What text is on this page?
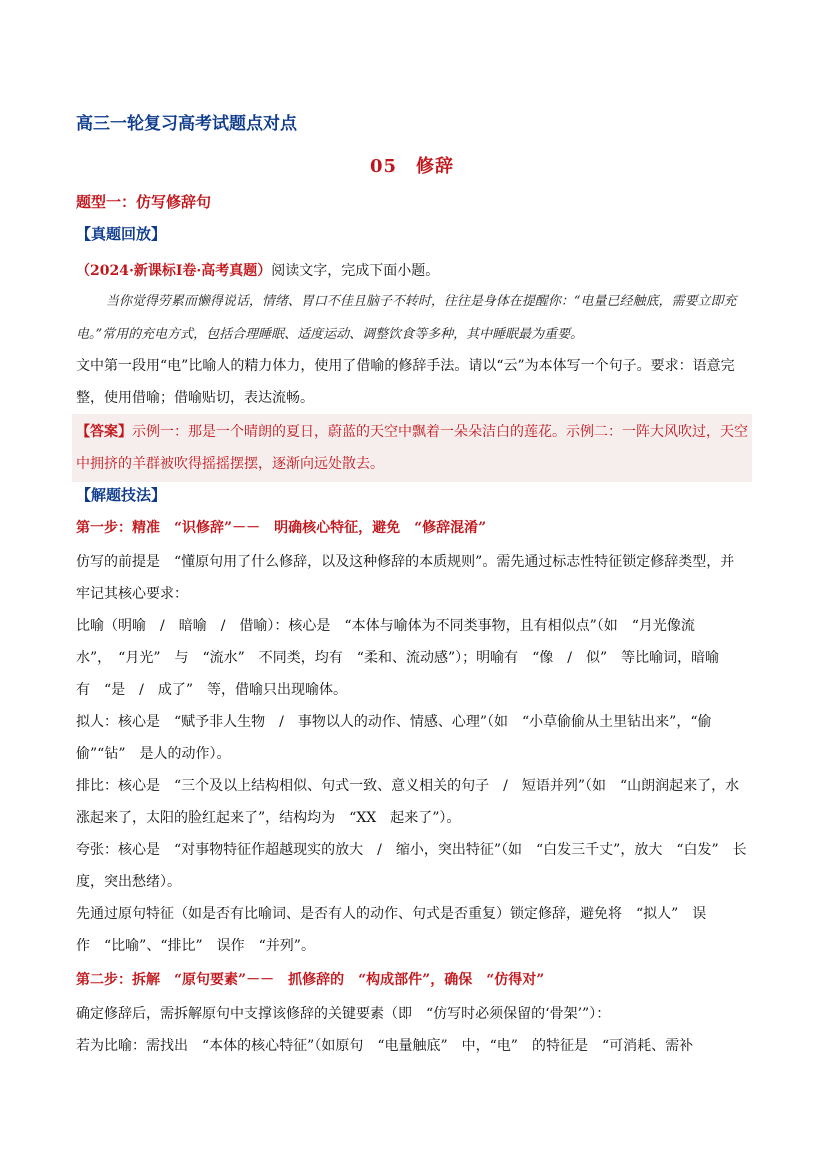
高三一轮复习高考试题点对点
05　修辞
题型一：仿写修辞句
【真题回放】
（2024·新课标Ⅰ卷·高考真题）阅读文字，完成下面小题。
当你觉得劳累而懒得说话，情绪、胃口不佳且脑子不转时，往往是身体在提醒你：“电量已经触底，需要立即充电。”常用的充电方式，包括合理睡眠、适度运动、调整饮食等多种，其中睡眠最为重要。
文中第一段用“电”比喻人的精力体力，使用了借喻的修辞手法。请以“云”为本体写一个句子。要求：语意完整，使用借喻；借喻贴切，表达流畅。
【答案】示例一：那是一个晴朗的夏日，蔚蓝的天空中飘着一朵朵洁白的莲花。示例二：一阵大风吹过，天空中拥挤的羊群被吹得摇摇摆摆，逐渐向远处散去。
【解题技法】
第一步：精准　“识修辞”－－　明确核心特征，避免　“修辞混淆”
仿写的前提是　“懂原句用了什么修辞，以及这种修辞的本质规则”。需先通过标志性特征锁定修辞类型，并牢记其核心要求：
比喻（明喻　/　暗喻　/　借喻）：核心是　“本体与喻体为不同类事物，且有相似点”（如　“月光像流水”，　“月光”　与　“流水”　不同类，均有　“柔和、流动感”）；明喻有　“像　/　似”　等比喻词，暗喻有　“是　/　成了”　等，借喻只出现喻体。
拟人：核心是　“赋予非人生物　/　事物以人的动作、情感、心理”（如　“小草偷偷从土里钻出来”，“偷偷”“钻”　是人的动作）。
排比：核心是　“三个及以上结构相似、句式一致、意义相关的句子　/　短语并列”（如　“山朗润起来了，水涨起来了，太阳的脸红起来了”，结构均为　“XX　起来了”）。
夸张：核心是　“对事物特征作超越现实的放大　/　缩小，突出特征”（如　“白发三千丈”，放大　“白发”　长度，突出愁绪）。
先通过原句特征（如是否有比喻词、是否有人的动作、句式是否重复）锁定修辞，避免将　“拟人”　误作　“比喻”、“排比”　误作　“并列”。
第二步：拆解　“原句要素”－－　抓修辞的　“构成部件”，确保　“仿得对”
确定修辞后，需拆解原句中支撑该修辞的关键要素（即　“仿写时必须保留的‘骨架’”）：
若为比喻：需找出　“本体的核心特征”（如原句　“电量触底”　中，“电”　的特征是　“可消耗、需补
